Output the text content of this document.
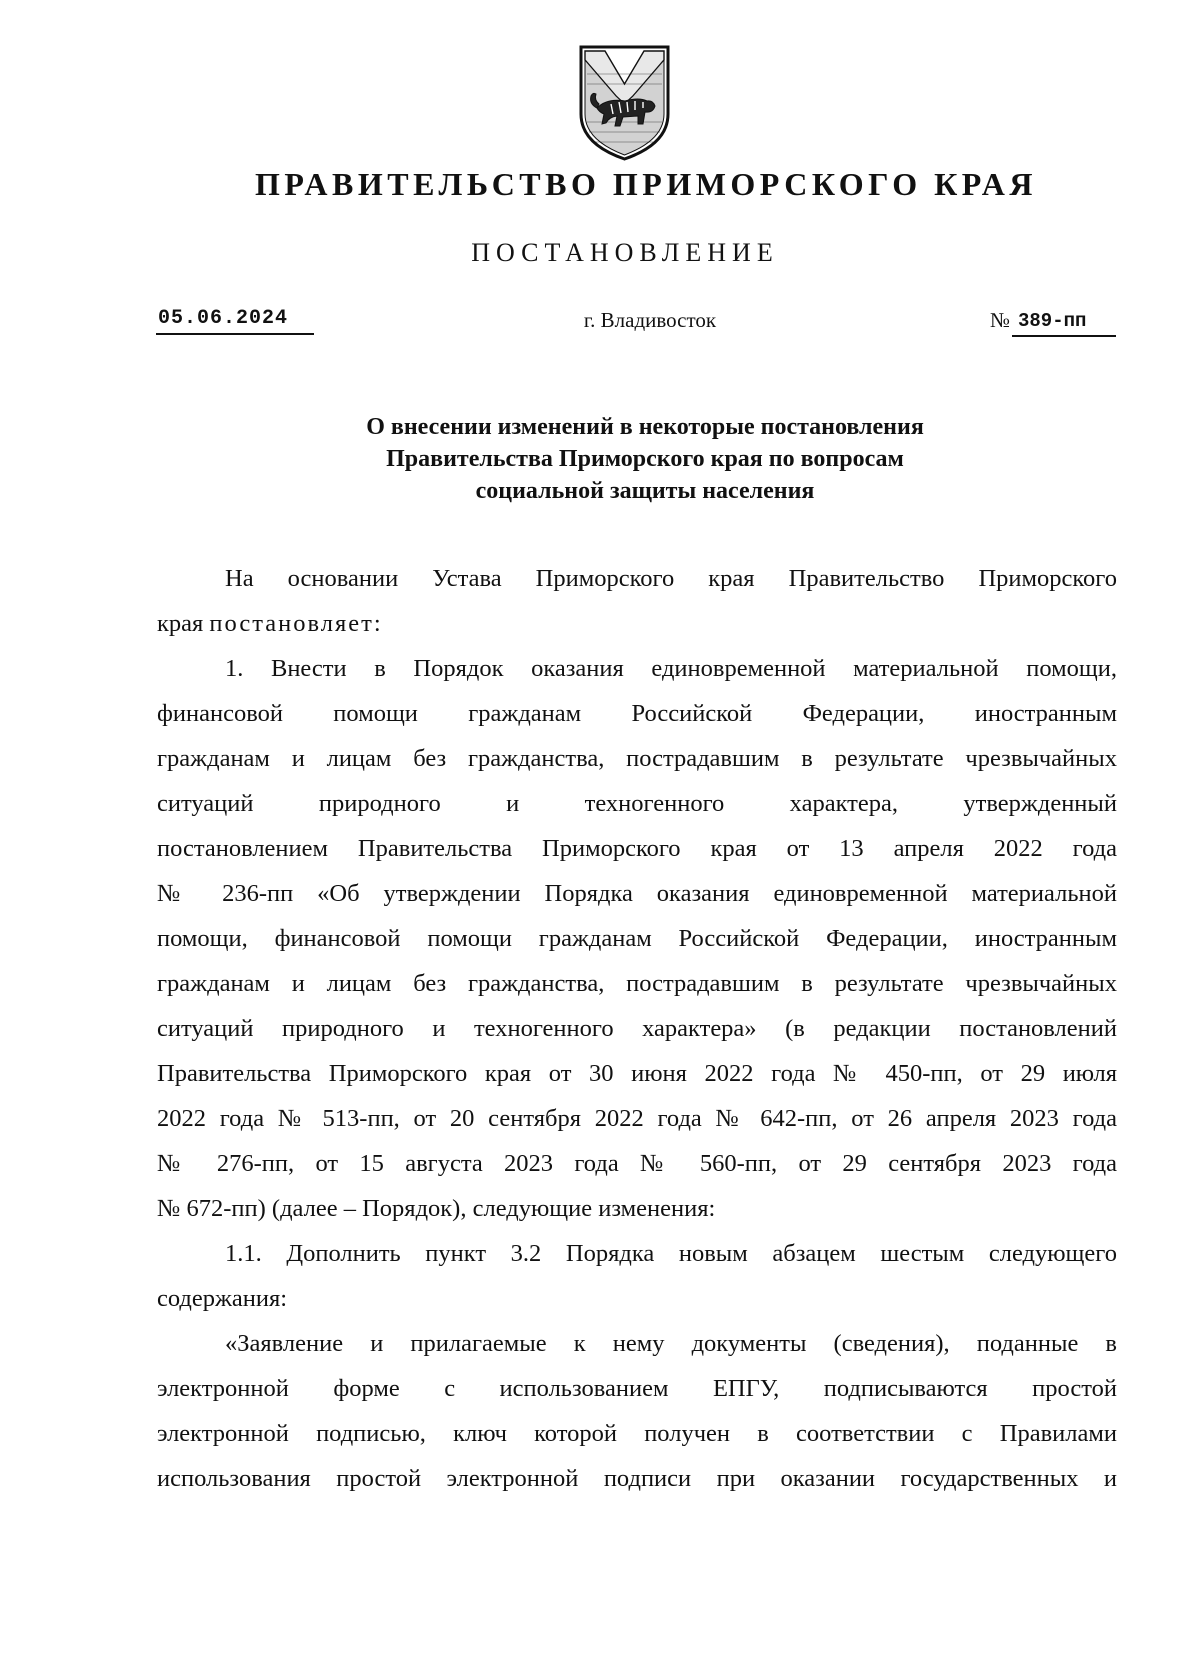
ПРАВИТЕЛЬСТВО ПРИМОРСКОГО КРАЯ
ПОСТАНОВЛЕНИЕ
05.06.2024	г. Владивосток	№ 389-пп
О внесении изменений в некоторые постановления
Правительства Приморского края по вопросам
социальной защиты населения
На основании Устава Приморского края Правительство Приморского
края постановляет:
1. Внести в Порядок оказания единовременной материальной помощи,
финансовой помощи гражданам Российской Федерации, иностранным
гражданам и лицам без гражданства, пострадавшим в результате чрезвычайных
ситуаций природного и техногенного характера, утвержденный
постановлением Правительства Приморского края от 13 апреля 2022 года
№ 236-пп «Об утверждении Порядка оказания единовременной материальной
помощи, финансовой помощи гражданам Российской Федерации, иностранным
гражданам и лицам без гражданства, пострадавшим в результате чрезвычайных
ситуаций природного и техногенного характера» (в редакции постановлений
Правительства Приморского края от 30 июня 2022 года № 450-пп, от 29 июля
2022 года № 513-пп, от 20 сентября 2022 года № 642-пп, от 26 апреля 2023 года
№ 276-пп, от 15 августа 2023 года № 560-пп, от 29 сентября 2023 года
№ 672-пп) (далее – Порядок), следующие изменения:
1.1. Дополнить пункт 3.2 Порядка новым абзацем шестым следующего
содержания:
«Заявление и прилагаемые к нему документы (сведения), поданные в
электронной форме с использованием ЕПГУ, подписываются простой
электронной подписью, ключ которой получен в соответствии с Правилами
использования простой электронной подписи при оказании государственных и
